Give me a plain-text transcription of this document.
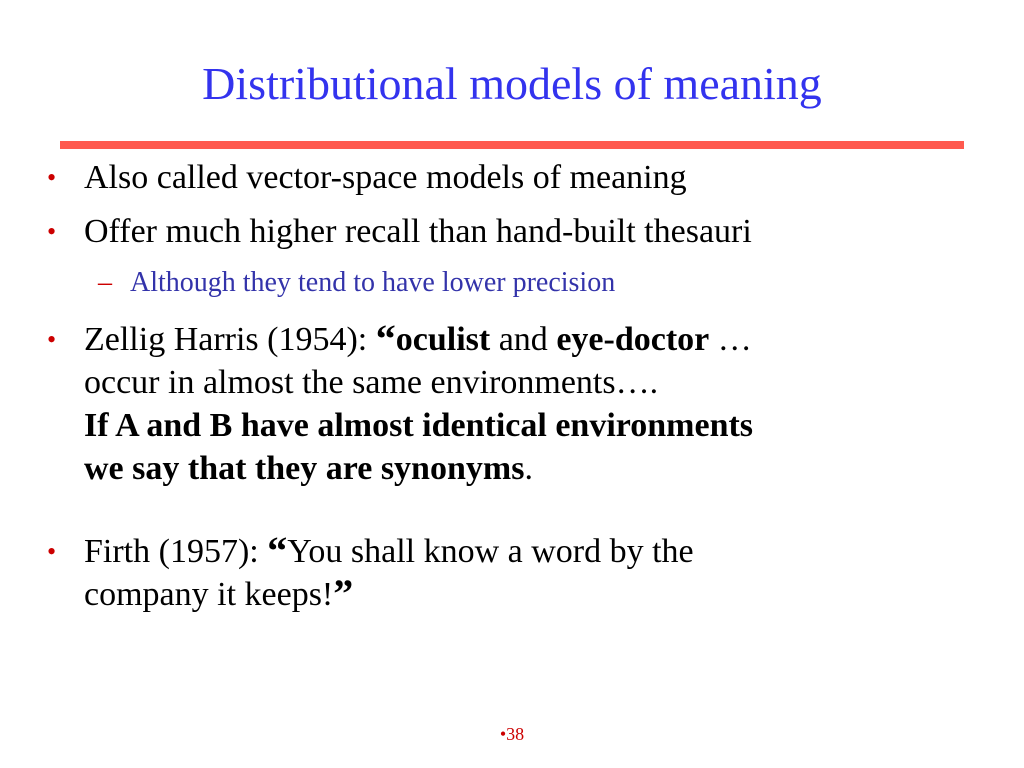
Distributional models of meaning
• Also called vector-space models of meaning
• Offer much higher recall than hand-built thesauri
– Although they tend to have lower precision
• Zellig Harris (1954): “oculist and eye-doctor …
occur in almost the same environments….
If A and B have almost identical environments
we say that they are synonyms.
• Firth (1957): “You shall know a word by the
company it keeps!”
•38
